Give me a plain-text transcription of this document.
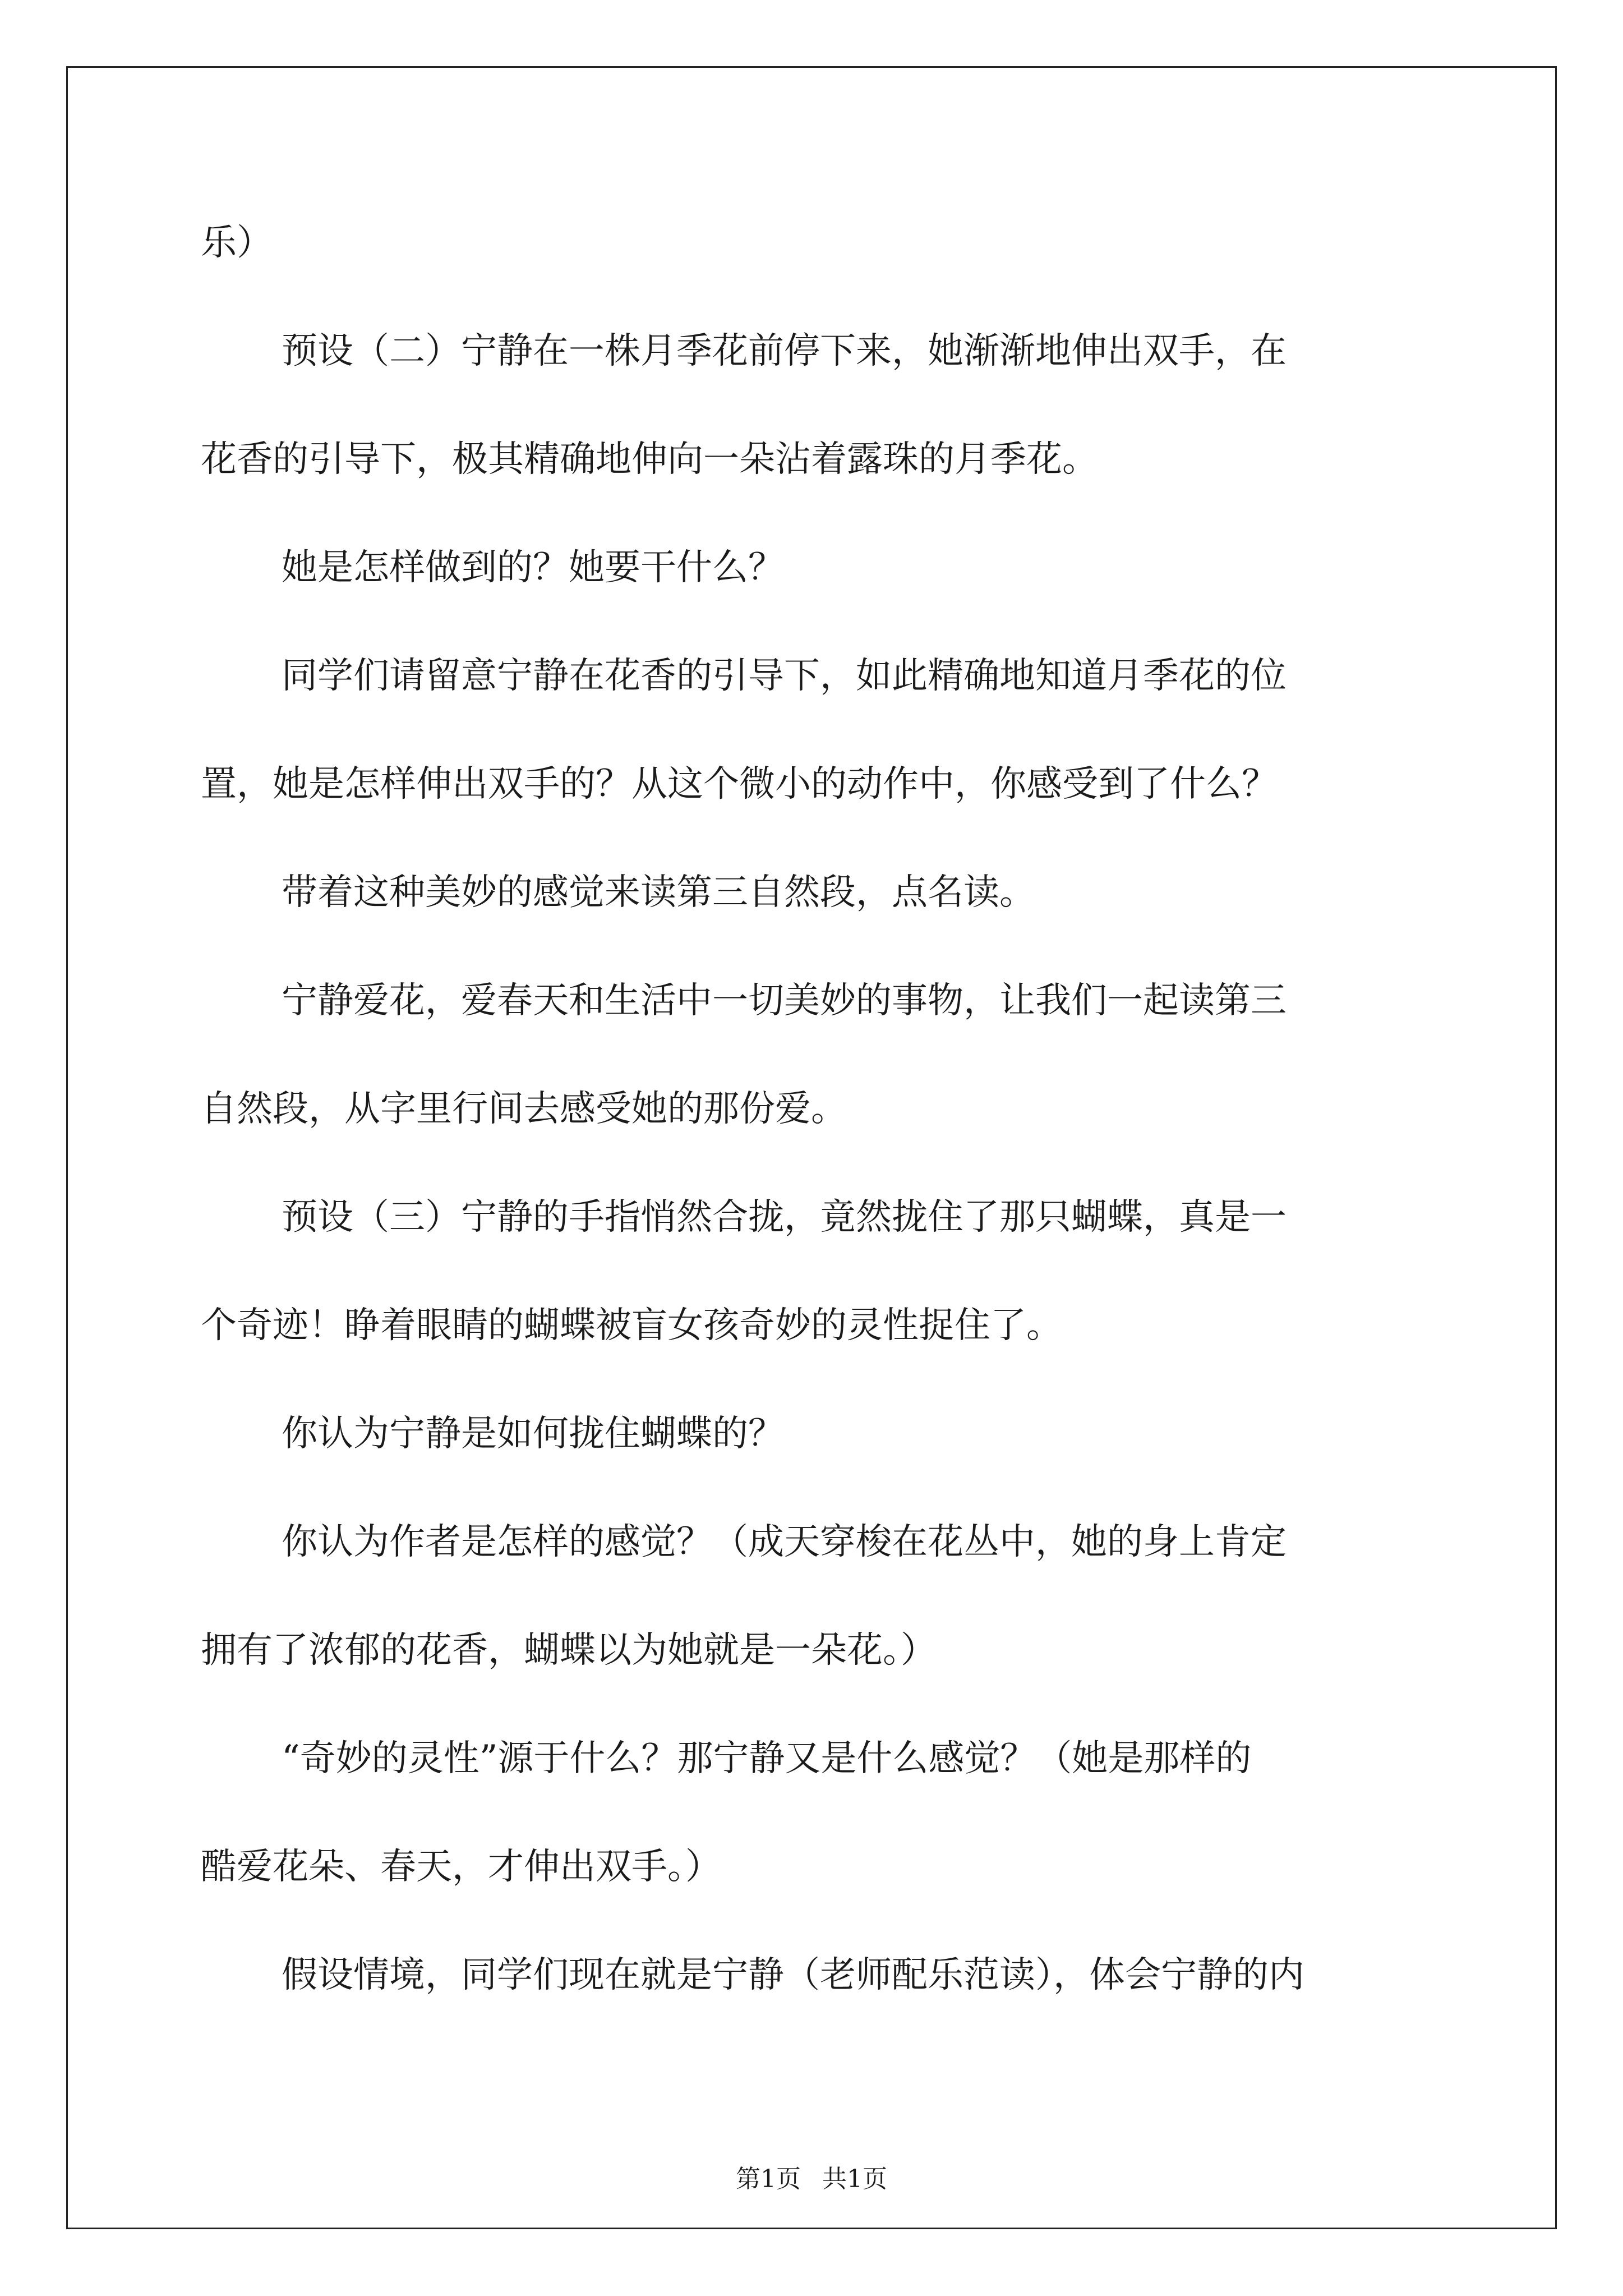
乐）
预设（二）宁静在一株月季花前停下来，她渐渐地伸出双手，在
花香的引导下，极其精确地伸向一朵沾着露珠的月季花。
她是怎样做到的？她要干什么？
同学们请留意宁静在花香的引导下，如此精确地知道月季花的位
置，她是怎样伸出双手的？从这个微小的动作中，你感受到了什么？
带着这种美妙的感觉来读第三自然段，点名读。
宁静爱花，爱春天和生活中一切美妙的事物，让我们一起读第三
自然段，从字里行间去感受她的那份爱。
预设（三）宁静的手指悄然合拢，竟然拢住了那只蝴蝶，真是一
个奇迹！睁着眼睛的蝴蝶被盲女孩奇妙的灵性捉住了。
你认为宁静是如何拢住蝴蝶的？
你认为作者是怎样的感觉？（成天穿梭在花丛中，她的身上肯定
拥有了浓郁的花香，蝴蝶以为她就是一朵花。）
“奇妙的灵性”源于什么？那宁静又是什么感觉？（她是那样的
酷爱花朵、春天，才伸出双手。）
假设情境，同学们现在就是宁静（老师配乐范读），体会宁静的内
第1页 共1页
